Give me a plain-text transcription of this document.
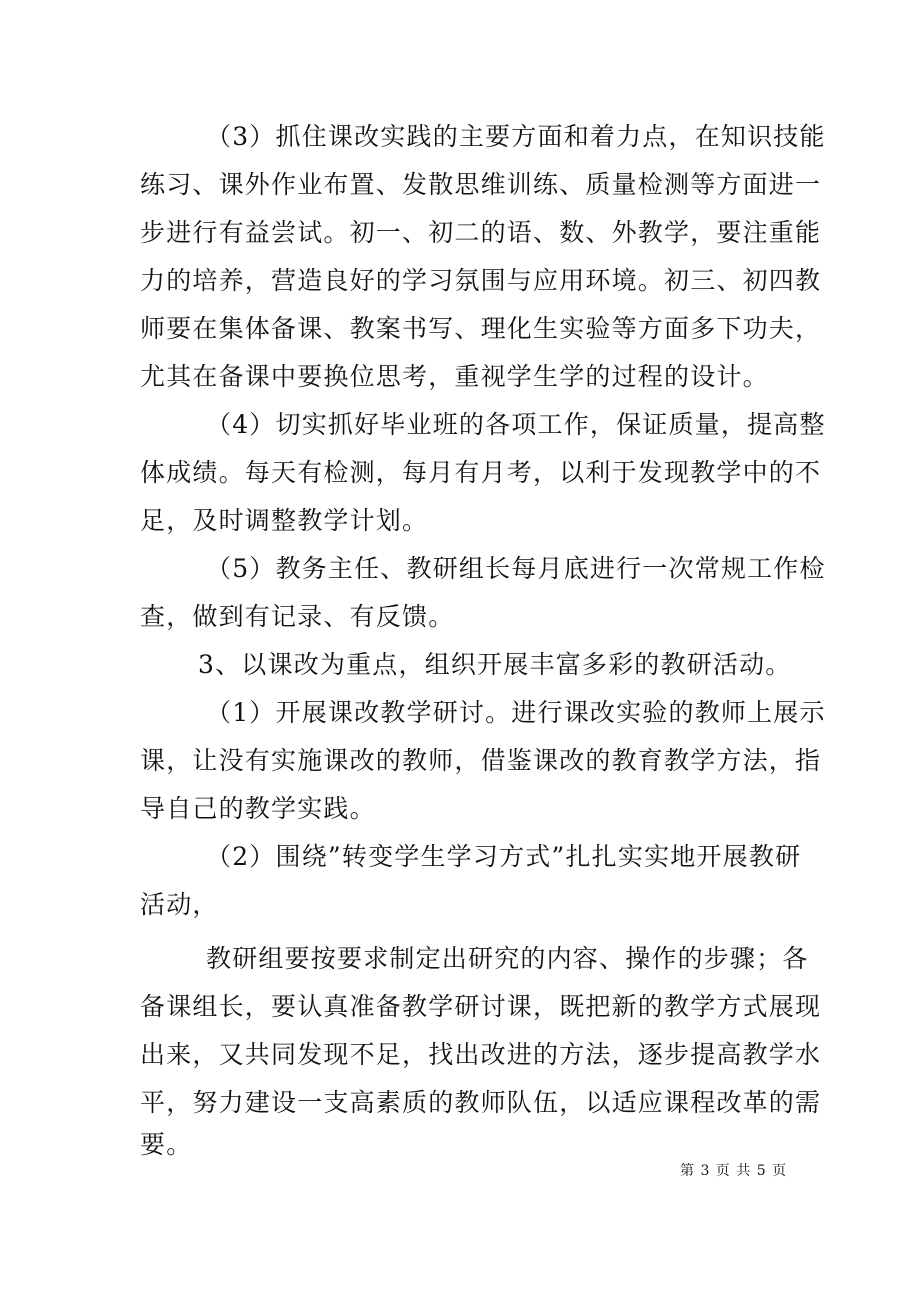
（3）抓住课改实践的主要方面和着力点，在知识技能
练习、课外作业布置、发散思维训练、质量检测等方面进一
步进行有益尝试。初一、初二的语、数、外教学，要注重能
力的培养，营造良好的学习氛围与应用环境。初三、初四教
师要在集体备课、教案书写、理化生实验等方面多下功夫，
尤其在备课中要换位思考，重视学生学的过程的设计。
（4）切实抓好毕业班的各项工作，保证质量，提高整
体成绩。每天有检测，每月有月考，以利于发现教学中的不
足，及时调整教学计划。
（5）教务主任、教研组长每月底进行一次常规工作检
查，做到有记录、有反馈。
3、以课改为重点，组织开展丰富多彩的教研活动。
（1）开展课改教学研讨。进行课改实验的教师上展示
课，让没有实施课改的教师，借鉴课改的教育教学方法，指
导自己的教学实践。
（2）围绕”转变学生学习方式”扎扎实实地开展教研
活动，
教研组要按要求制定出研究的内容、操作的步骤；各
备课组长，要认真准备教学研讨课，既把新的教学方式展现
出来，又共同发现不足，找出改进的方法，逐步提高教学水
平，努力建设一支高素质的教师队伍，以适应课程改革的需
要。
第 3 页 共 5 页
